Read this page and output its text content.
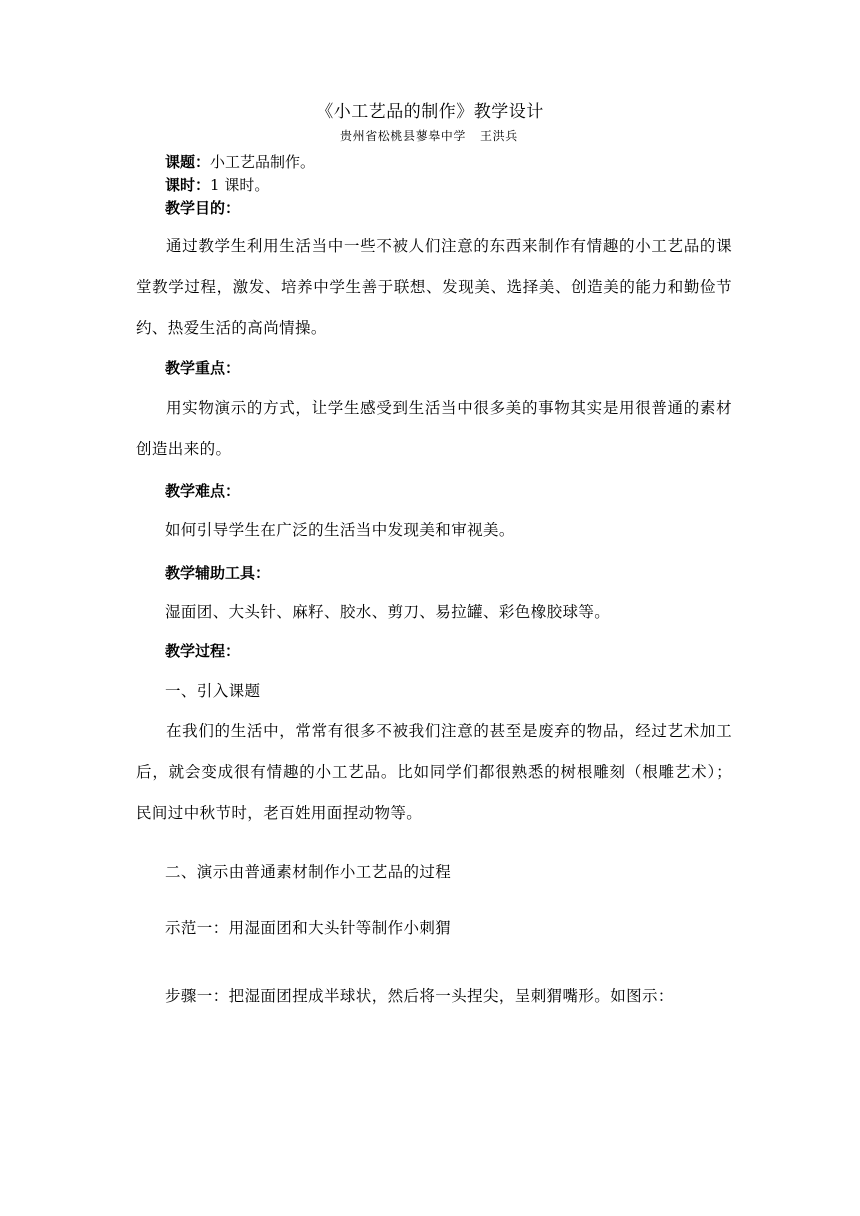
《小工艺品的制作》教学设计
贵州省松桃县蓼皋中学 王洪兵
课题：小工艺品制作。
课时：1 课时。
教学目的：
通过教学生利用生活当中一些不被人们注意的东西来制作有情趣的小工艺品的课堂教学过程，激发、培养中学生善于联想、发现美、选择美、创造美的能力和勤俭节约、热爱生活的高尚情操。
教学重点：
用实物演示的方式，让学生感受到生活当中很多美的事物其实是用很普通的素材创造出来的。
教学难点：
如何引导学生在广泛的生活当中发现美和审视美。
教学辅助工具：
湿面团、大头针、麻籽、胶水、剪刀、易拉罐、彩色橡胶球等。
教学过程：
一、引入课题
在我们的生活中，常常有很多不被我们注意的甚至是废弃的物品，经过艺术加工后，就会变成很有情趣的小工艺品。比如同学们都很熟悉的树根雕刻（根雕艺术）；民间过中秋节时，老百姓用面捏动物等。
二、演示由普通素材制作小工艺品的过程
示范一：用湿面团和大头针等制作小刺猬
步骤一：把湿面团捏成半球状，然后将一头捏尖，呈刺猬嘴形。如图示：
